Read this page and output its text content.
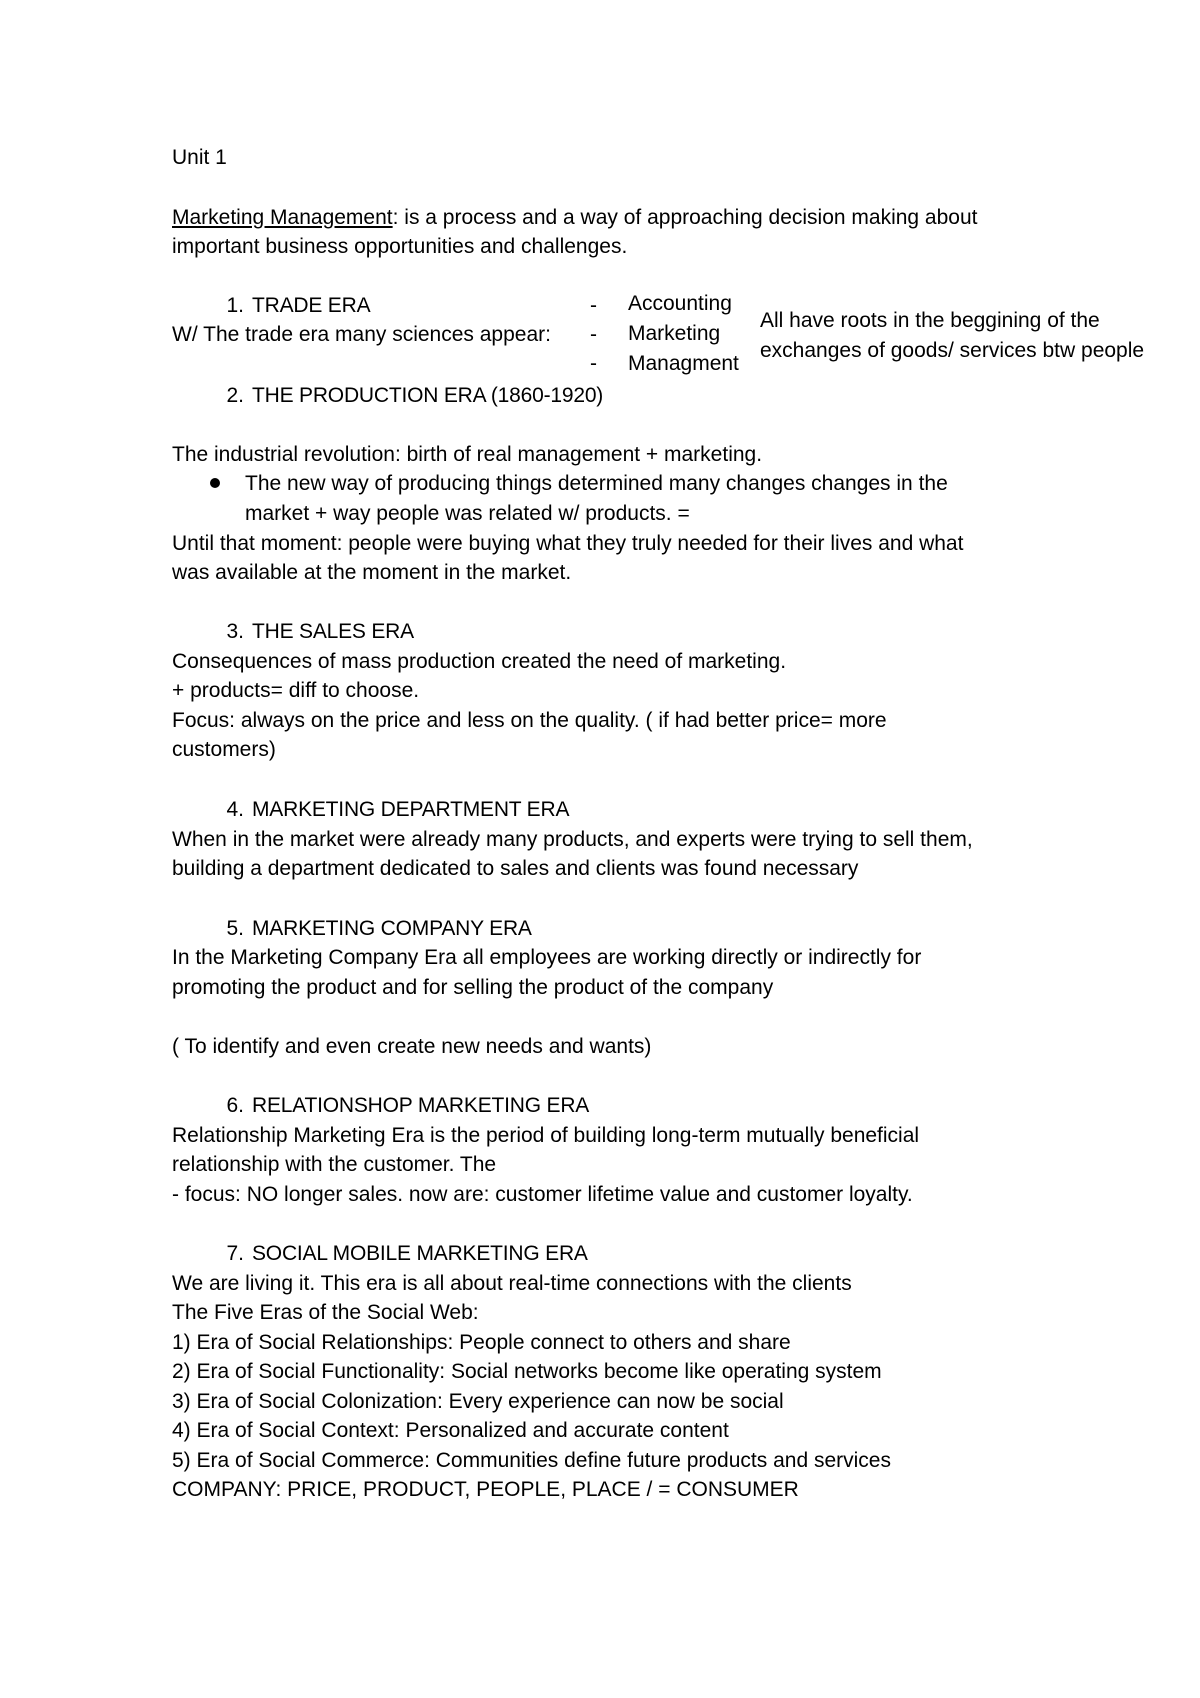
Unit 1
Marketing Management: is a process and a way of approaching decision making about
important business opportunities and challenges.
1. TRADE ERA
W/ The trade era many sciences appear:
- Accounting
- Marketing
- Managment
All have roots in the beggining of the
exchanges of goods/ services btw people
2. THE PRODUCTION ERA (1860-1920)
The industrial revolution: birth of real management + marketing.
The new way of producing things determined many changes changes in the
market + way people was related w/ products. =
Until that moment: people were buying what they truly needed for their lives and what
was available at the moment in the market.
3. THE SALES ERA
Consequences of mass production created the need of marketing.
+ products= diff to choose.
Focus: always on the price and less on the quality. ( if had better price= more
customers)
4. MARKETING DEPARTMENT ERA
When in the market were already many products, and experts were trying to sell them,
building a department dedicated to sales and clients was found necessary
5. MARKETING COMPANY ERA
In the Marketing Company Era all employees are working directly or indirectly for
promoting the product and for selling the product of the company
( To identify and even create new needs and wants)
6. RELATIONSHOP MARKETING ERA
Relationship Marketing Era is the period of building long-term mutually beneficial
relationship with the customer. The
- focus: NO longer sales. now are: customer lifetime value and customer loyalty.
7. SOCIAL MOBILE MARKETING ERA
We are living it. This era is all about real-time connections with the clients
The Five Eras of the Social Web:
1) Era of Social Relationships: People connect to others and share
2) Era of Social Functionality: Social networks become like operating system
3) Era of Social Colonization: Every experience can now be social
4) Era of Social Context: Personalized and accurate content
5) Era of Social Commerce: Communities define future products and services
COMPANY: PRICE, PRODUCT, PEOPLE, PLACE / = CONSUMER
